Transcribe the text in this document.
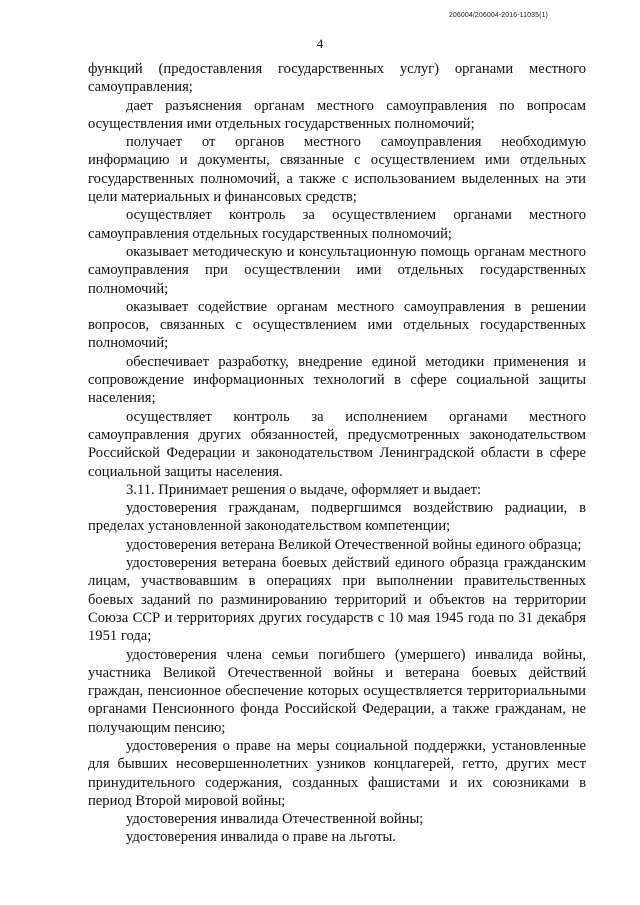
206004/206004-2016-11035(1)
4

функций (предоставления государственных услуг) органами местного самоуправления;

дает разъяснения органам местного самоуправления по вопросам осуществления ими отдельных государственных полномочий;

получает от органов местного самоуправления необходимую информацию и документы, связанные с осуществлением ими отдельных государственных полномочий, а также с использованием выделенных на эти цели материальных и финансовых средств;

осуществляет контроль за осуществлением органами местного самоуправления отдельных государственных полномочий;

оказывает методическую и консультационную помощь органам местного самоуправления при осуществлении ими отдельных государственных полномочий;

оказывает содействие органам местного самоуправления в решении вопросов, связанных с осуществлением ими отдельных государственных полномочий;

обеспечивает разработку, внедрение единой методики применения и сопровождение информационных технологий в сфере социальной защиты населения;

осуществляет контроль за исполнением органами местного самоуправления других обязанностей, предусмотренных законодательством Российской Федерации и законодательством Ленинградской области в сфере социальной защиты населения.

3.11. Принимает решения о выдаче, оформляет и выдает:

удостоверения гражданам, подвергшимся воздействию радиации, в пределах установленной законодательством компетенции;

удостоверения ветерана Великой Отечественной войны единого образца;

удостоверения ветерана боевых действий единого образца гражданским лицам, участвовавшим в операциях при выполнении правительственных боевых заданий по разминированию территорий и объектов на территории Союза ССР и территориях других государств с 10 мая 1945 года по 31 декабря 1951 года;

удостоверения члена семьи погибшего (умершего) инвалида войны, участника Великой Отечественной войны и ветерана боевых действий граждан, пенсионное обеспечение которых осуществляется территориальными органами Пенсионного фонда Российской Федерации, а также гражданам, не получающим пенсию;

удостоверения о праве на меры социальной поддержки, установленные для бывших несовершеннолетних узников концлагерей, гетто, других мест принудительного содержания, созданных фашистами и их союзниками в период Второй мировой войны;

удостоверения инвалида Отечественной войны;

удостоверения инвалида о праве на льготы.
